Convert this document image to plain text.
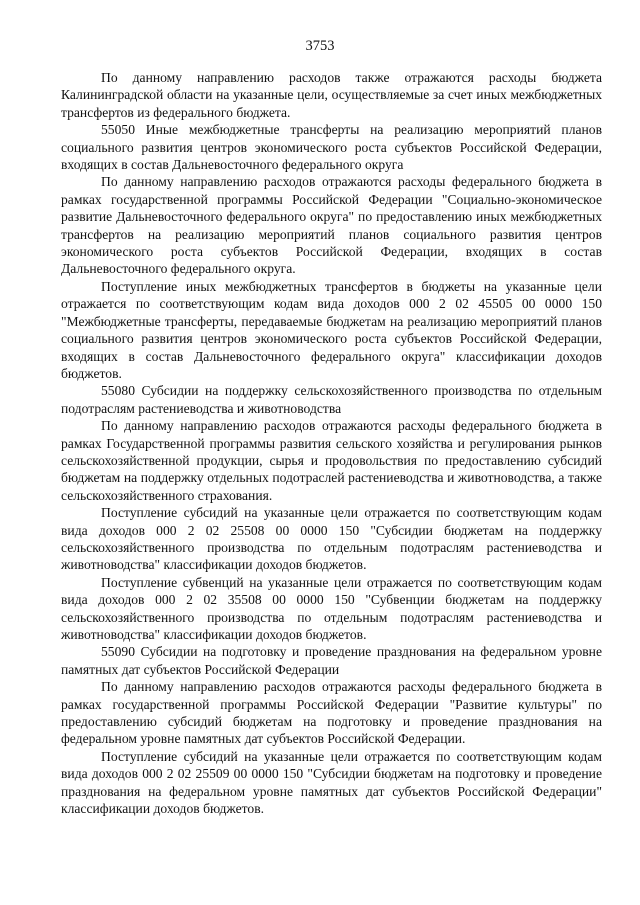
3753

По данному направлению расходов также отражаются расходы бюджета Калининградской области на указанные цели, осуществляемые за счет иных межбюджетных трансфертов из федерального бюджета.

55050 Иные межбюджетные трансферты на реализацию мероприятий планов социального развития центров экономического роста субъектов Российской Федерации, входящих в состав Дальневосточного федерального округа

По данному направлению расходов отражаются расходы федерального бюджета в рамках государственной программы Российской Федерации "Социально-экономическое развитие Дальневосточного федерального округа" по предоставлению иных межбюджетных трансфертов на реализацию мероприятий планов социального развития центров экономического роста субъектов Российской Федерации, входящих в состав Дальневосточного федерального округа.

Поступление иных межбюджетных трансфертов в бюджеты на указанные цели отражается по соответствующим кодам вида доходов 000 2 02 45505 00 0000 150 "Межбюджетные трансферты, передаваемые бюджетам на реализацию мероприятий планов социального развития центров экономического роста субъектов Российской Федерации, входящих в состав Дальневосточного федерального округа" классификации доходов бюджетов.

55080 Субсидии на поддержку сельскохозяйственного производства по отдельным подотраслям растениеводства и животноводства

По данному направлению расходов отражаются расходы федерального бюджета в рамках Государственной программы развития сельского хозяйства и регулирования рынков сельскохозяйственной продукции, сырья и продовольствия по предоставлению субсидий бюджетам на поддержку отдельных подотраслей растениеводства и животноводства, а также сельскохозяйственного страхования.

Поступление субсидий на указанные цели отражается по соответствующим кодам вида доходов 000 2 02 25508 00 0000 150 "Субсидии бюджетам на поддержку сельскохозяйственного производства по отдельным подотраслям растениеводства и животноводства" классификации доходов бюджетов.

Поступление субвенций на указанные цели отражается по соответствующим кодам вида доходов 000 2 02 35508 00 0000 150 "Субвенции бюджетам на поддержку сельскохозяйственного производства по отдельным подотраслям растениеводства и животноводства" классификации доходов бюджетов.

55090 Субсидии на подготовку и проведение празднования на федеральном уровне памятных дат субъектов Российской Федерации

По данному направлению расходов отражаются расходы федерального бюджета в рамках государственной программы Российской Федерации "Развитие культуры" по предоставлению субсидий бюджетам на подготовку и проведение празднования на федеральном уровне памятных дат субъектов Российской Федерации.

Поступление субсидий на указанные цели отражается по соответствующим кодам вида доходов 000 2 02 25509 00 0000 150 "Субсидии бюджетам на подготовку и проведение празднования на федеральном уровне памятных дат субъектов Российской Федерации" классификации доходов бюджетов.
